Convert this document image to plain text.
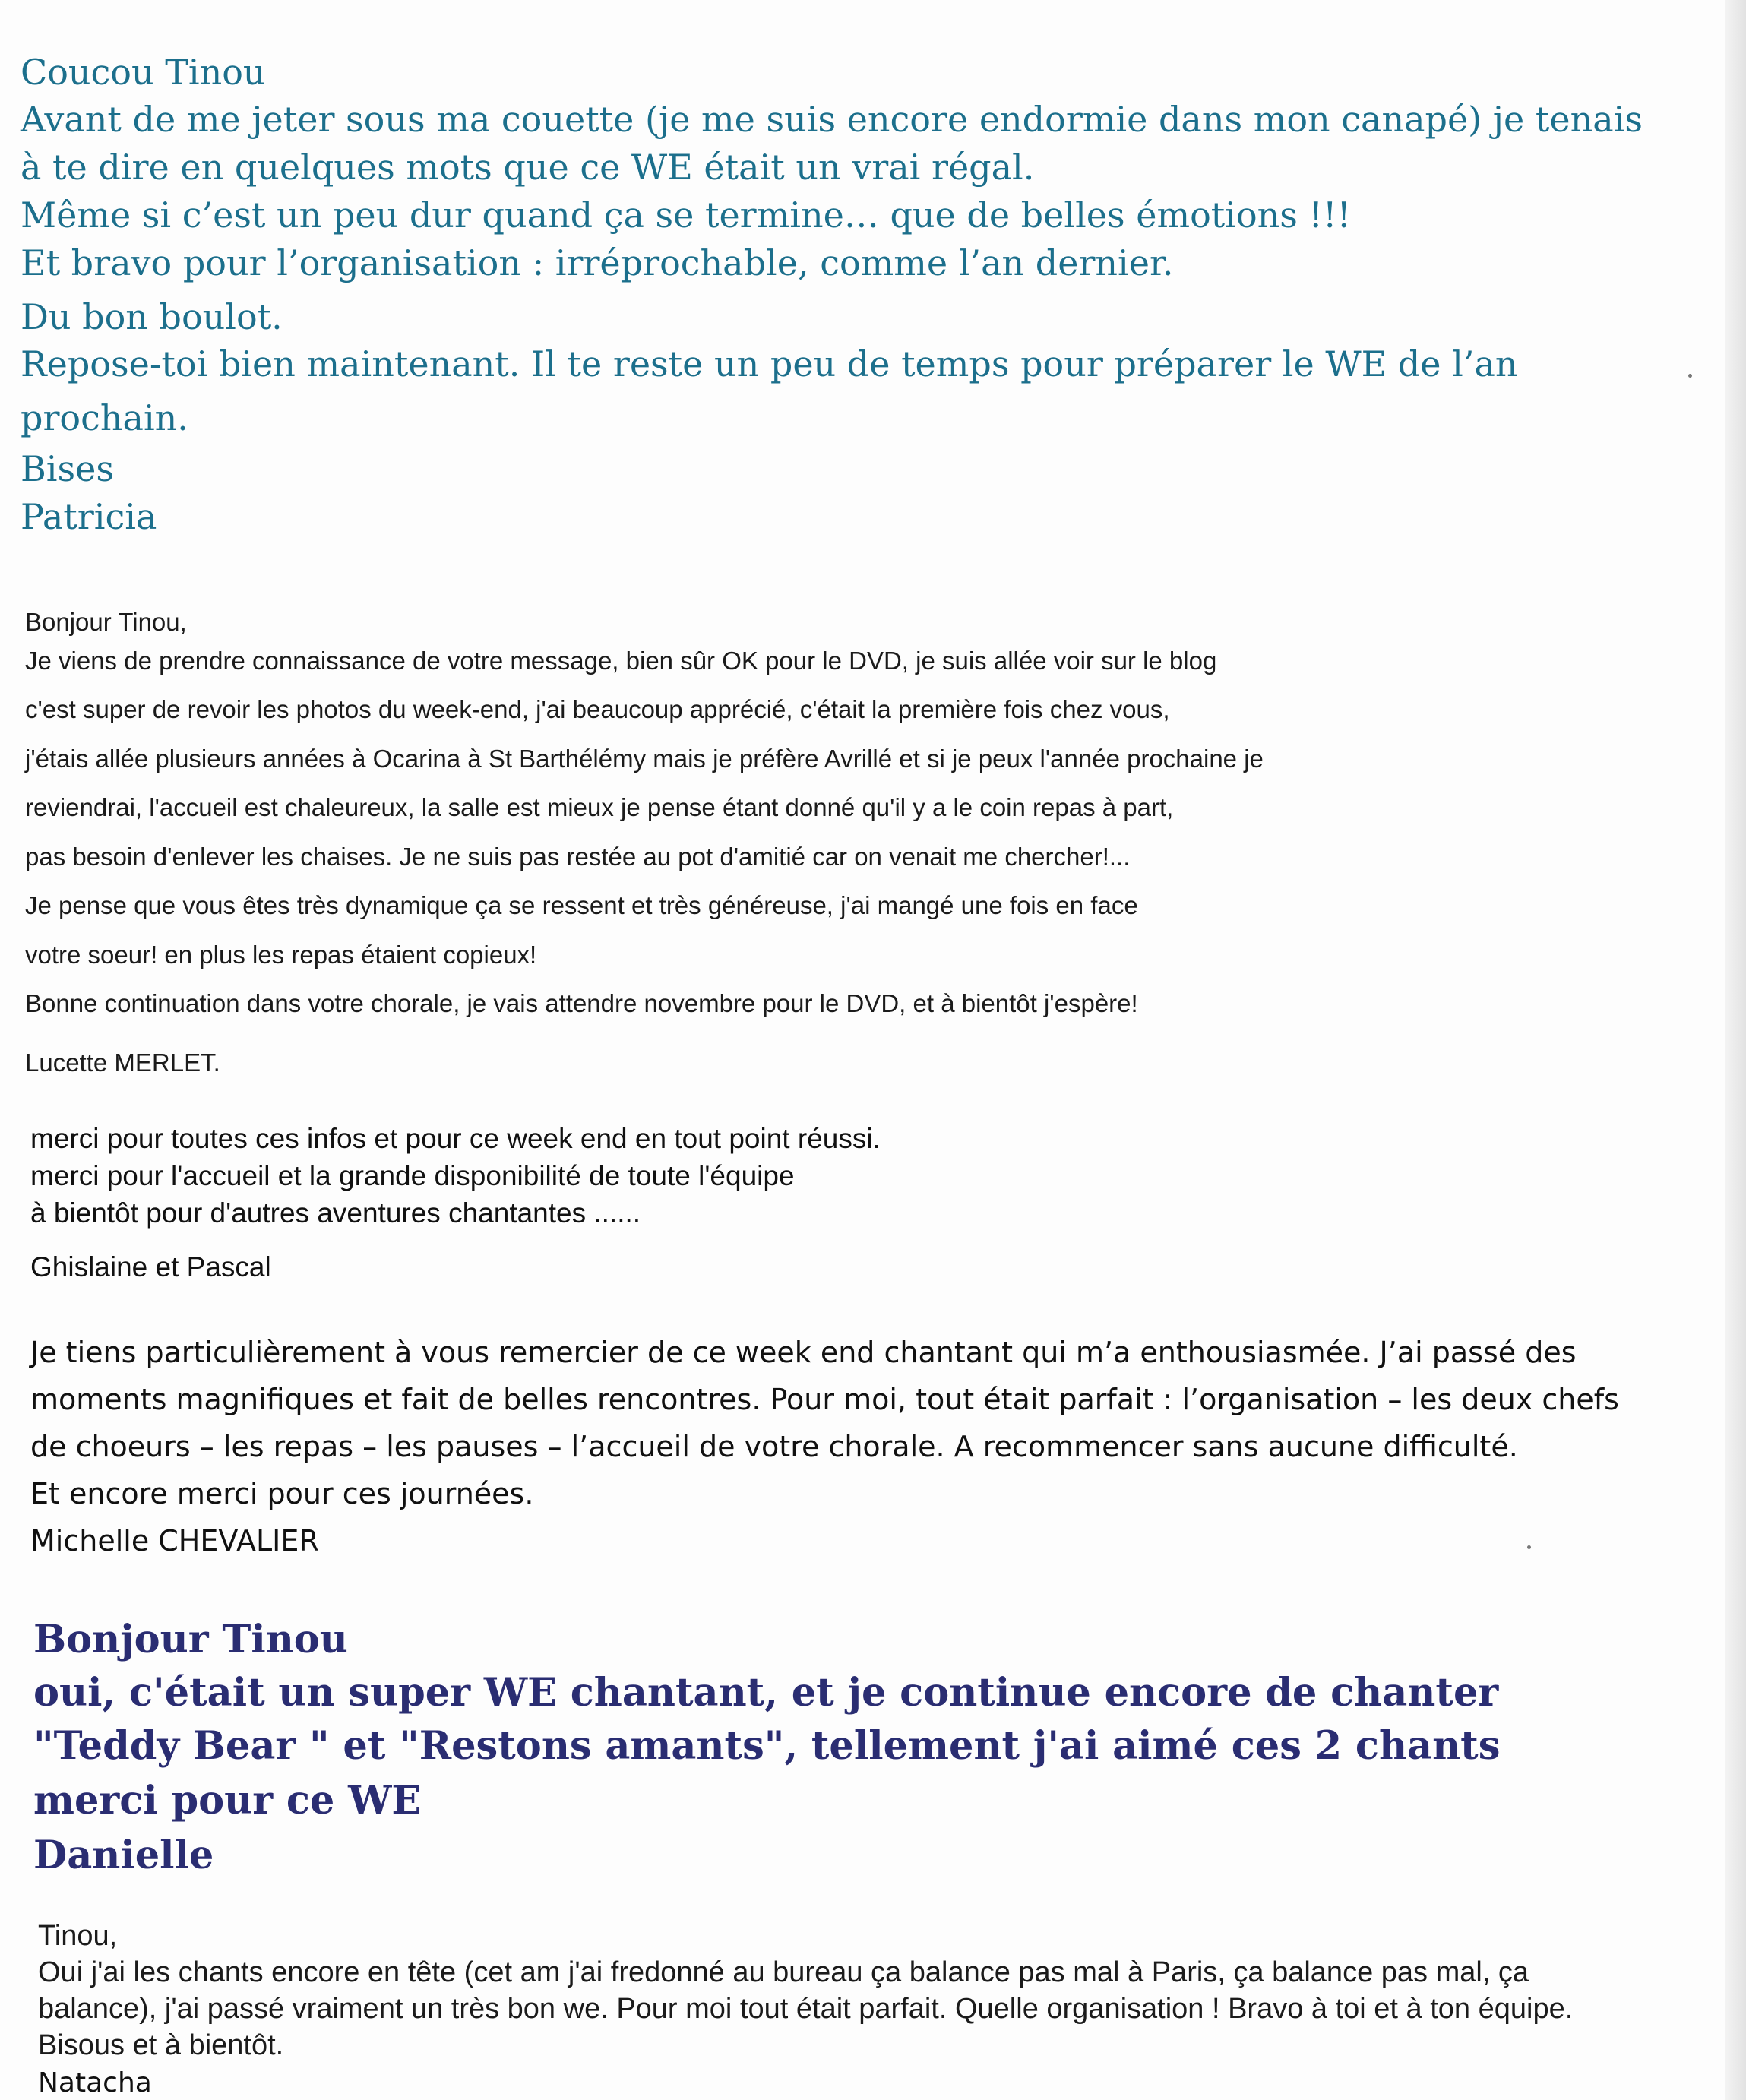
Coucou Tinou
Avant de me jeter sous ma couette (je me suis encore endormie dans mon canapé) je tenais
à te dire en quelques mots que ce WE était un vrai régal.
Même si c’est un peu dur quand ça se termine… que de belles émotions !!!
Et bravo pour l’organisation : irréprochable, comme l’an dernier.
Du bon boulot.
Repose-toi bien maintenant. Il te reste un peu de temps pour préparer le WE de l’an
prochain.
Bises
Patricia
Bonjour Tinou,
Je viens de prendre connaissance de votre message, bien sûr OK pour le DVD, je suis allée voir sur le blog
c'est super de revoir les photos du week-end, j'ai beaucoup apprécié, c'était la première fois chez vous,
j'étais allée plusieurs années à Ocarina à St Barthélémy mais je préfère Avrillé et si je peux l'année prochaine je
reviendrai, l'accueil est chaleureux, la salle est mieux je pense étant donné qu'il y a le coin repas à part,
pas besoin d'enlever les chaises. Je ne suis pas restée au pot d'amitié car on venait me chercher!...
Je pense que vous êtes très dynamique ça se ressent et très généreuse, j'ai mangé une fois en face
votre soeur! en plus les repas étaient copieux!
Bonne continuation dans votre chorale, je vais attendre novembre pour le DVD, et à bientôt j'espère!
Lucette MERLET.
merci pour toutes ces infos et pour ce week end en tout point réussi.
merci pour l'accueil et la grande disponibilité de toute l'équipe
à bientôt pour d'autres aventures chantantes ......
Ghislaine et Pascal
Je tiens particulièrement à vous remercier de ce week end chantant qui m’a enthousiasmée. J’ai passé des
moments magnifiques et fait de belles rencontres. Pour moi, tout était parfait : l’organisation – les deux chefs
de choeurs – les repas – les pauses – l’accueil de votre chorale. A recommencer sans aucune difficulté.
Et encore merci pour ces journées.
Michelle CHEVALIER
Bonjour Tinou
oui, c'était un super WE chantant, et je continue encore de chanter
"Teddy Bear " et "Restons amants", tellement j'ai aimé ces 2 chants
merci pour ce WE
Danielle
Tinou,
Oui j'ai les chants encore en tête (cet am j'ai fredonné au bureau ça balance pas mal à Paris, ça balance pas mal, ça
balance), j'ai passé vraiment un très bon we. Pour moi tout était parfait. Quelle organisation ! Bravo à toi et à ton équipe.
Bisous et à bientôt.
Natacha
